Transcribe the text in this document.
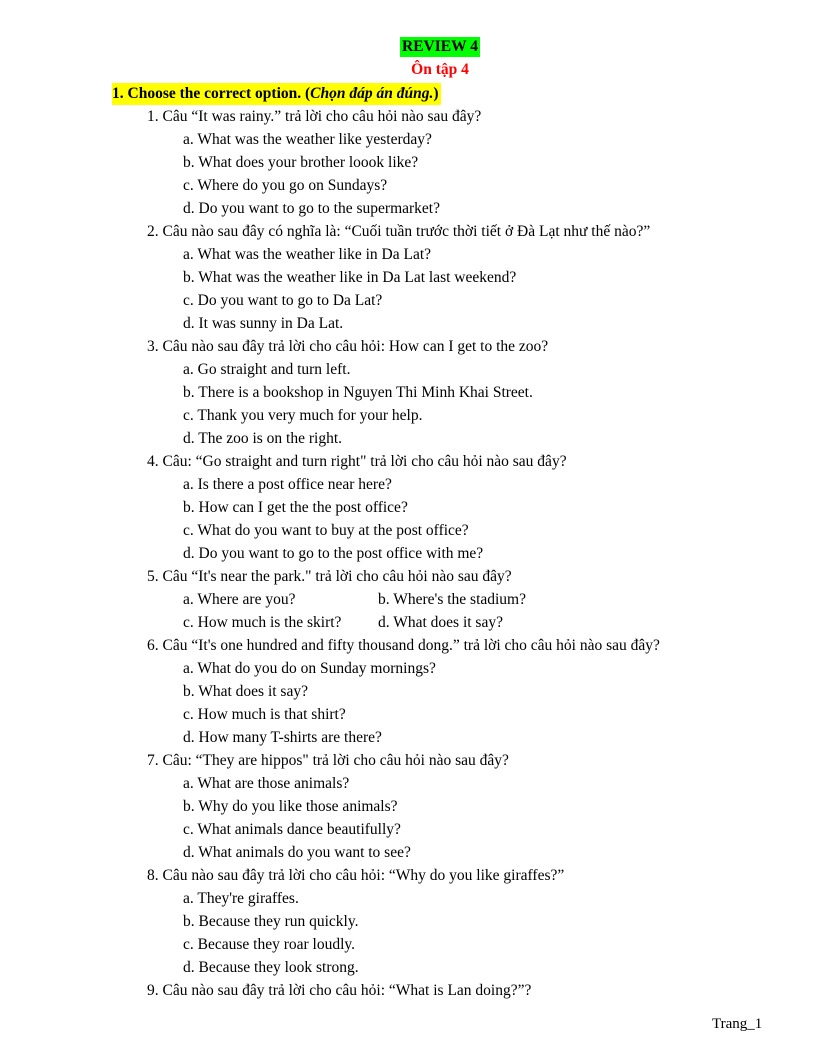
REVIEW 4
Ôn tập 4
1. Choose the correct option. (Chọn đáp án đúng.)
1. Câu “It was rainy.” trả lời cho câu hỏi nào sau đây?
a. What was the weather like yesterday?
b. What does your brother loook like?
c. Where do you go on Sundays?
d. Do you want to go to the supermarket?
2. Câu nào sau đây có nghĩa là: “Cuối tuần trước thời tiết ở Đà Lạt như thế nào?”
a. What was the weather like in Da Lat?
b. What was the weather like in Da Lat last weekend?
c. Do you want to go to Da Lat?
d. It was sunny in Da Lat.
3. Câu nào sau đây trả lời cho câu hỏi: How can I get to the zoo?
a. Go straight and turn left.
b. There is a bookshop in Nguyen Thi Minh Khai Street.
c. Thank you very much for your help.
d. The zoo is on the right.
4. Câu: “Go straight and turn right" trả lời cho câu hỏi nào sau đây?
a. Is there a post office near here?
b. How can I get the the post office?
c. What do you want to buy at the post office?
d. Do you want to go to the post office with me?
5. Câu “It's near the park." trả lời cho câu hỏi nào sau đây?
a. Where are you?	b. Where's the stadium?
c. How much is the skirt?	d. What does it say?
6. Câu “It's one hundred and fifty thousand dong.” trả lời cho câu hỏi nào sau đây?
a. What do you do on Sunday mornings?
b. What does it say?
c. How much is that shirt?
d. How many T-shirts are there?
7. Câu: “They are hippos" trả lời cho câu hỏi nào sau đây?
a. What are those animals?
b. Why do you like those animals?
c. What animals dance beautifully?
d. What animals do you want to see?
8. Câu nào sau đây trả lời cho câu hỏi: “Why do you like giraffes?”
a. They're giraffes.
b. Because they run quickly.
c. Because they roar loudly.
d. Because they look strong.
9. Câu nào sau đây trả lời cho câu hỏi: “What is Lan doing?”?
Trang_1
